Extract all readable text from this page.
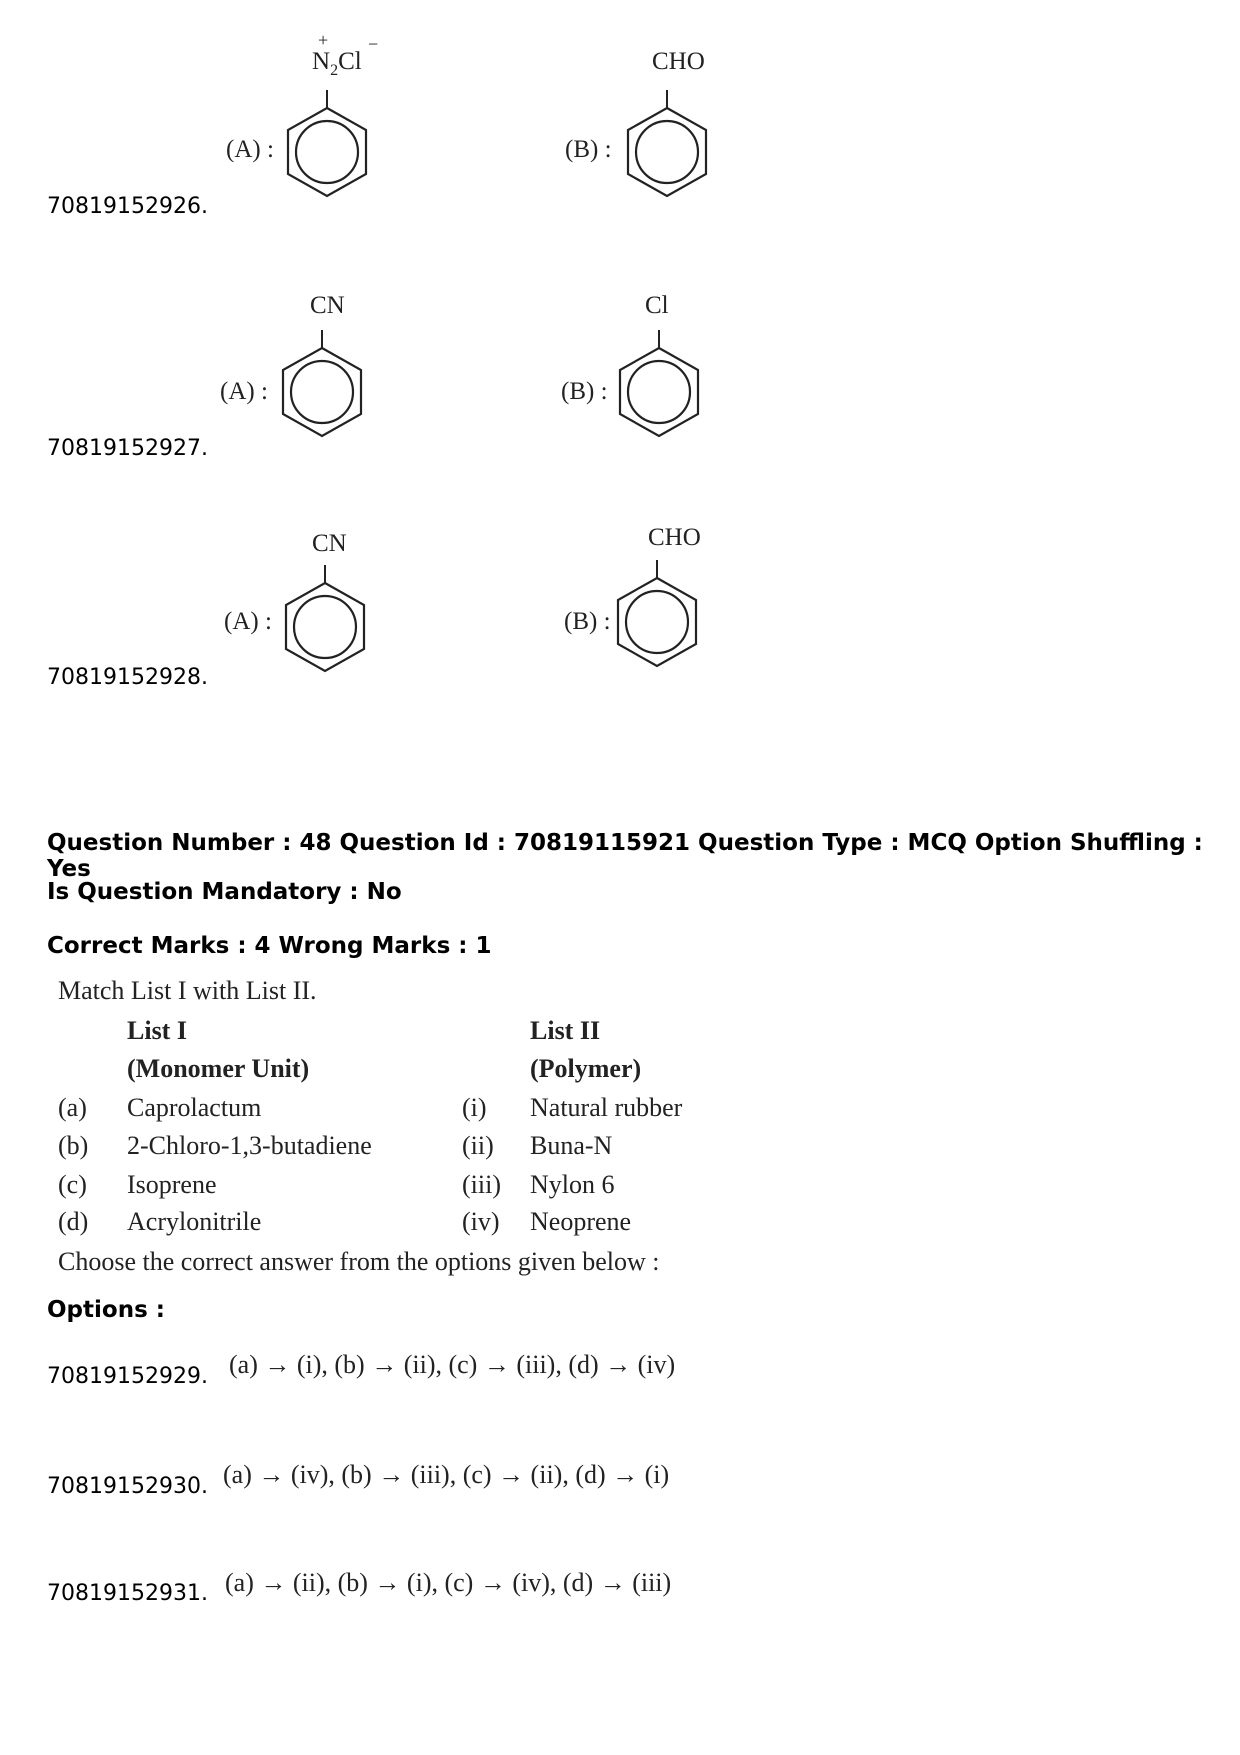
70819152926.
(A) :
$N_2Cl$
+ −
(B) :
CHO
70819152927.
(A) :
CN
(B) :
Cl
70819152928.
(A) :
CN
(B) :
CHO
Question Number : 48 Question Id : 70819115921 Question Type : MCQ Option Shuffling : Yes
Is Question Mandatory : No
Correct Marks : 4 Wrong Marks : 1
Match List I with List II.
List I	List II
(Monomer Unit)	(Polymer)
(a) Caprolactum	(i) Natural rubber
(b) 2-Chloro-1,3-butadiene	(ii) Buna-N
(c) Isoprene	(iii) Nylon 6
(d) Acrylonitrile	(iv) Neoprene
Choose the correct answer from the options given below :
Options :
70819152929. (a) → (i), (b) → (ii), (c) → (iii), (d) → (iv)
70819152930. (a) → (iv), (b) → (iii), (c) → (ii), (d) → (i)
70819152931. (a) → (ii), (b) → (i), (c) → (iv), (d) → (iii)
